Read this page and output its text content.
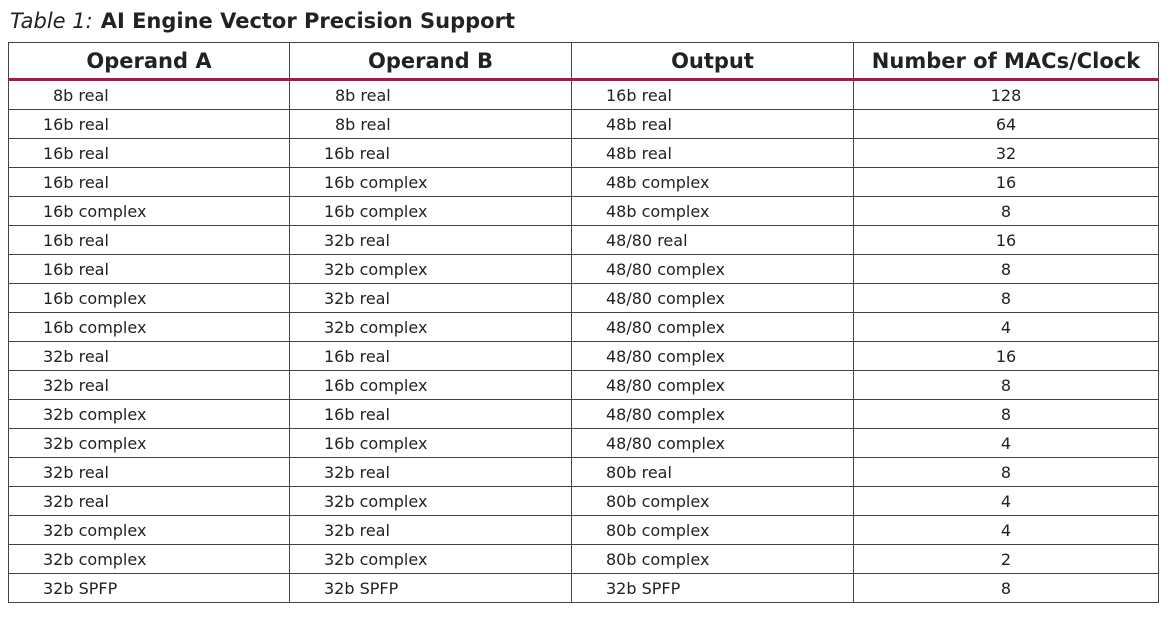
Table 1: AI Engine Vector Precision Support
Operand A	Operand B	Output	Number of MACs/Clock
8b real	8b real	16b real	128
16b real	8b real	48b real	64
16b real	16b real	48b real	32
16b real	16b complex	48b complex	16
16b complex	16b complex	48b complex	8
16b real	32b real	48/80 real	16
16b real	32b complex	48/80 complex	8
16b complex	32b real	48/80 complex	8
16b complex	32b complex	48/80 complex	4
32b real	16b real	48/80 complex	16
32b real	16b complex	48/80 complex	8
32b complex	16b real	48/80 complex	8
32b complex	16b complex	48/80 complex	4
32b real	32b real	80b real	8
32b real	32b complex	80b complex	4
32b complex	32b real	80b complex	4
32b complex	32b complex	80b complex	2
32b SPFP	32b SPFP	32b SPFP	8
